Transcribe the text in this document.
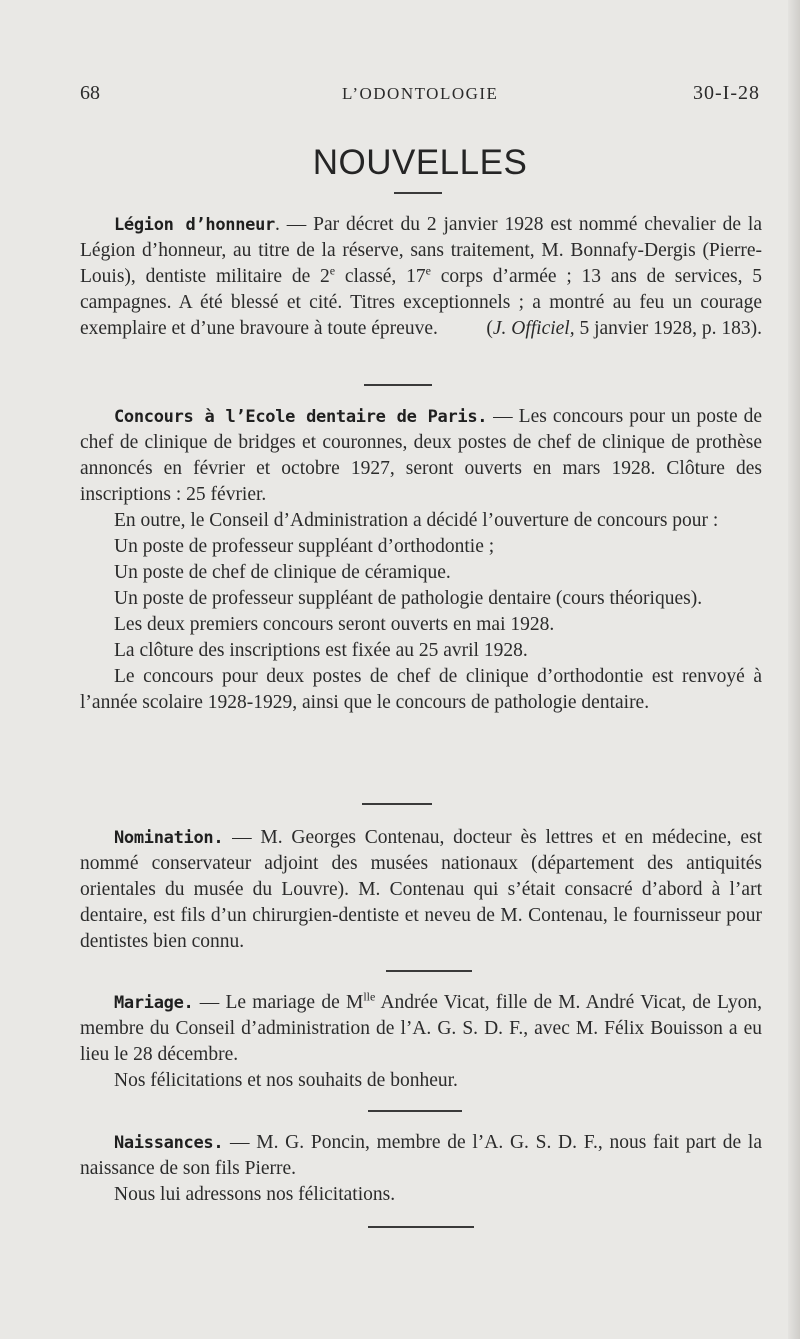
68	L’ODONTOLOGIE	30-I-28
NOUVELLES
Légion d’honneur. — Par décret du 2 janvier 1928 est nommé chevalier de la Légion d’honneur, au titre de la réserve, sans traitement, M. Bonnafy-Dergis (Pierre-Louis), dentiste militaire de 2e classé, 17e corps d’armée ; 13 ans de services, 5 campagnes. A été blessé et cité. Titres exceptionnels ; a montré au feu un courage exemplaire et d’une bravoure à toute épreuve.	(J. Officiel, 5 janvier 1928, p. 183).
Concours à l’Ecole dentaire de Paris. — Les concours pour un poste de chef de clinique de bridges et couronnes, deux postes de chef de clinique de prothèse annoncés en février et octobre 1927, seront ouverts en mars 1928. Clôture des inscriptions : 25 février.
En outre, le Conseil d’Administration a décidé l’ouverture de concours pour :
Un poste de professeur suppléant d’orthodontie ;
Un poste de chef de clinique de céramique.
Un poste de professeur suppléant de pathologie dentaire (cours théoriques).
Les deux premiers concours seront ouverts en mai 1928.
La clôture des inscriptions est fixée au 25 avril 1928.
Le concours pour deux postes de chef de clinique d’orthodontie est renvoyé à l’année scolaire 1928-1929, ainsi que le concours de pathologie dentaire.
Nomination. — M. Georges Contenau, docteur ès lettres et en médecine, est nommé conservateur adjoint des musées nationaux (département des antiquités orientales du musée du Louvre). M. Contenau qui s’était consacré d’abord à l’art dentaire, est fils d’un chirurgien-dentiste et neveu de M. Contenau, le fournisseur pour dentistes bien connu.
Mariage. — Le mariage de $M^{lle}$ Andrée Vicat, fille de M. André Vicat, de Lyon, membre du Conseil d’administration de l’A. G. S. D. F., avec M. Félix Bouisson a eu lieu le 28 décembre.
Nos félicitations et nos souhaits de bonheur.
Naissances. — M. G. Poncin, membre de l’A. G. S. D. F., nous fait part de la naissance de son fils Pierre.
Nous lui adressons nos félicitations.
